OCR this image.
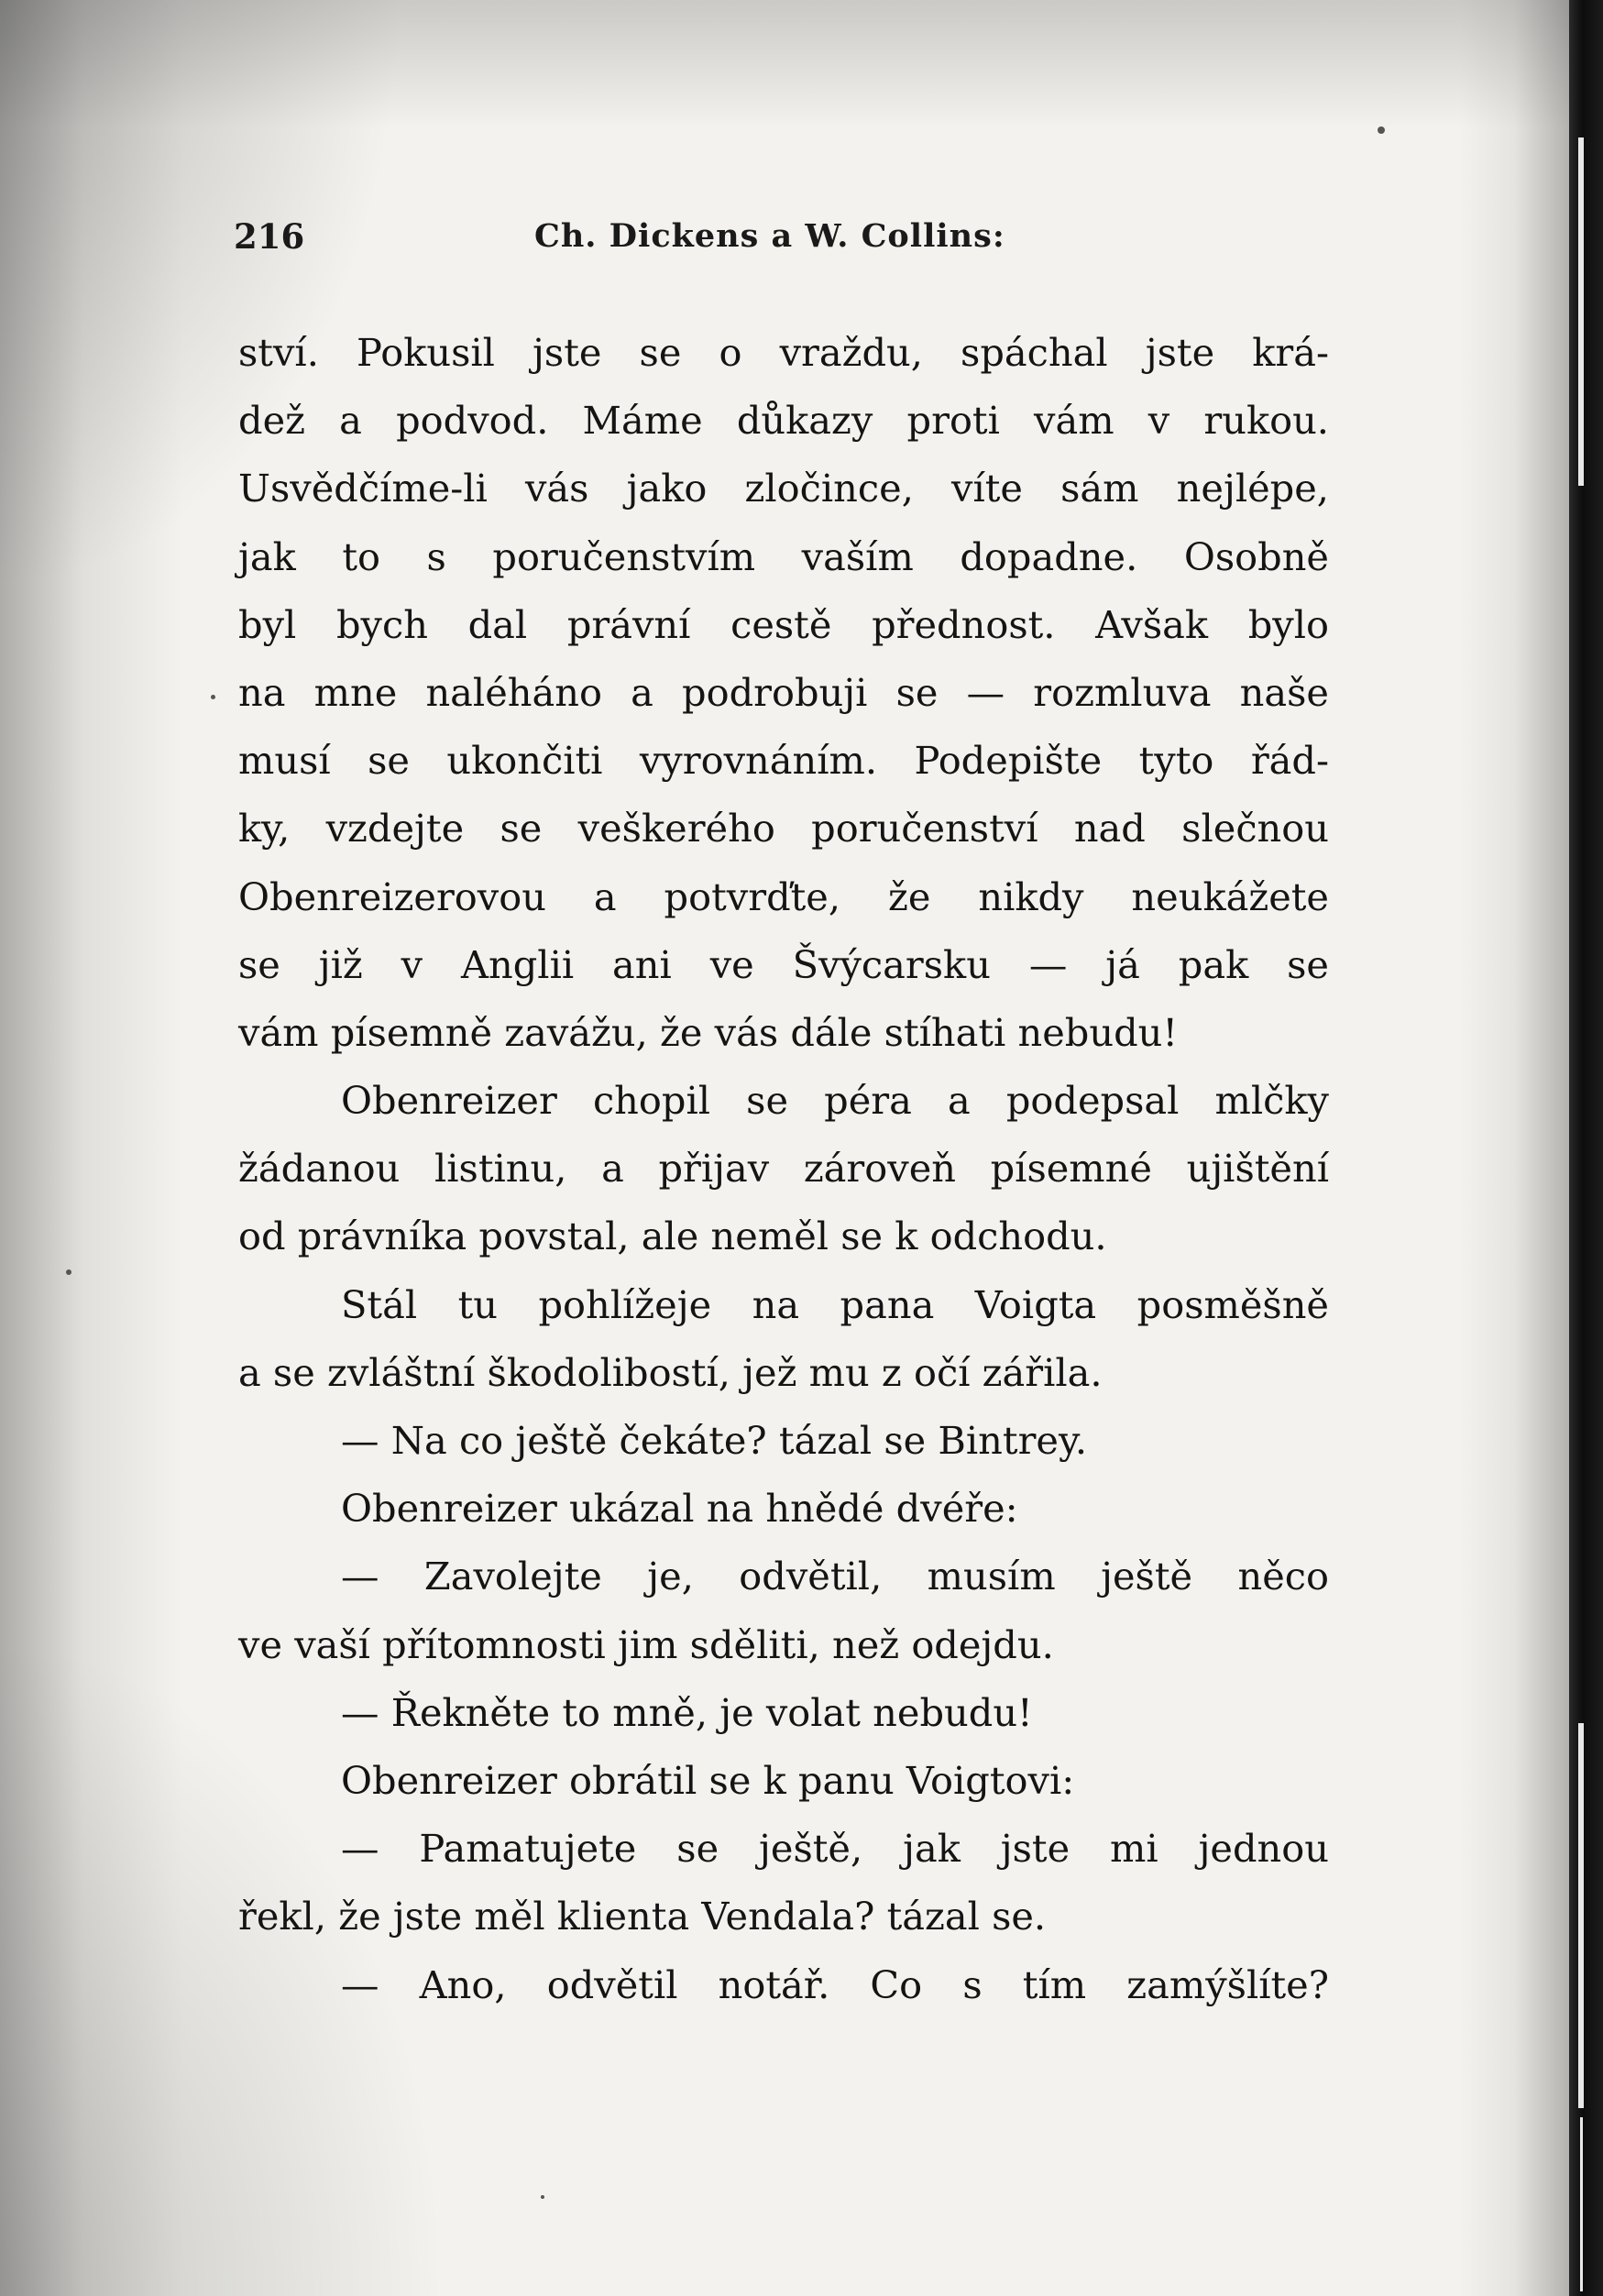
216	Ch. Dickens a W. Collins:
ství. Pokusil jste se o vraždu, spáchal jste krá-
dež a podvod. Máme důkazy proti vám v rukou.
Usvědčíme-li vás jako zločince, víte sám nejlépe,
jak to s poručenstvím vaším dopadne. Osobně
byl bych dal právní cestě přednost. Avšak bylo
na mne naléháno a podrobuji se — rozmluva naše
musí se ukončiti vyrovnáním. Podepište tyto řád-
ky, vzdejte se veškerého poručenství nad slečnou
Obenreizerovou a potvrďte, že nikdy neukážete
se již v Anglii ani ve Švýcarsku — já pak se
vám písemně zavážu, že vás dále stíhati nebudu!
Obenreizer chopil se péra a podepsal mlčky
žádanou listinu, a přijav zároveň písemné ujištění
od právníka povstal, ale neměl se k odchodu.
Stál tu pohlížeje na pana Voigta posměšně
a se zvláštní škodolibostí, jež mu z očí zářila.
— Na co ještě čekáte? tázal se Bintrey.
Obenreizer ukázal na hnědé dvéře:
— Zavolejte je, odvětil, musím ještě něco
ve vaší přítomnosti jim sděliti, než odejdu.
— Řekněte to mně, je volat nebudu!
Obenreizer obrátil se k panu Voigtovi:
— Pamatujete se ještě, jak jste mi jednou
řekl, že jste měl klienta Vendala? tázal se.
— Ano, odvětil notář. Co s tím zamýšlíte?
